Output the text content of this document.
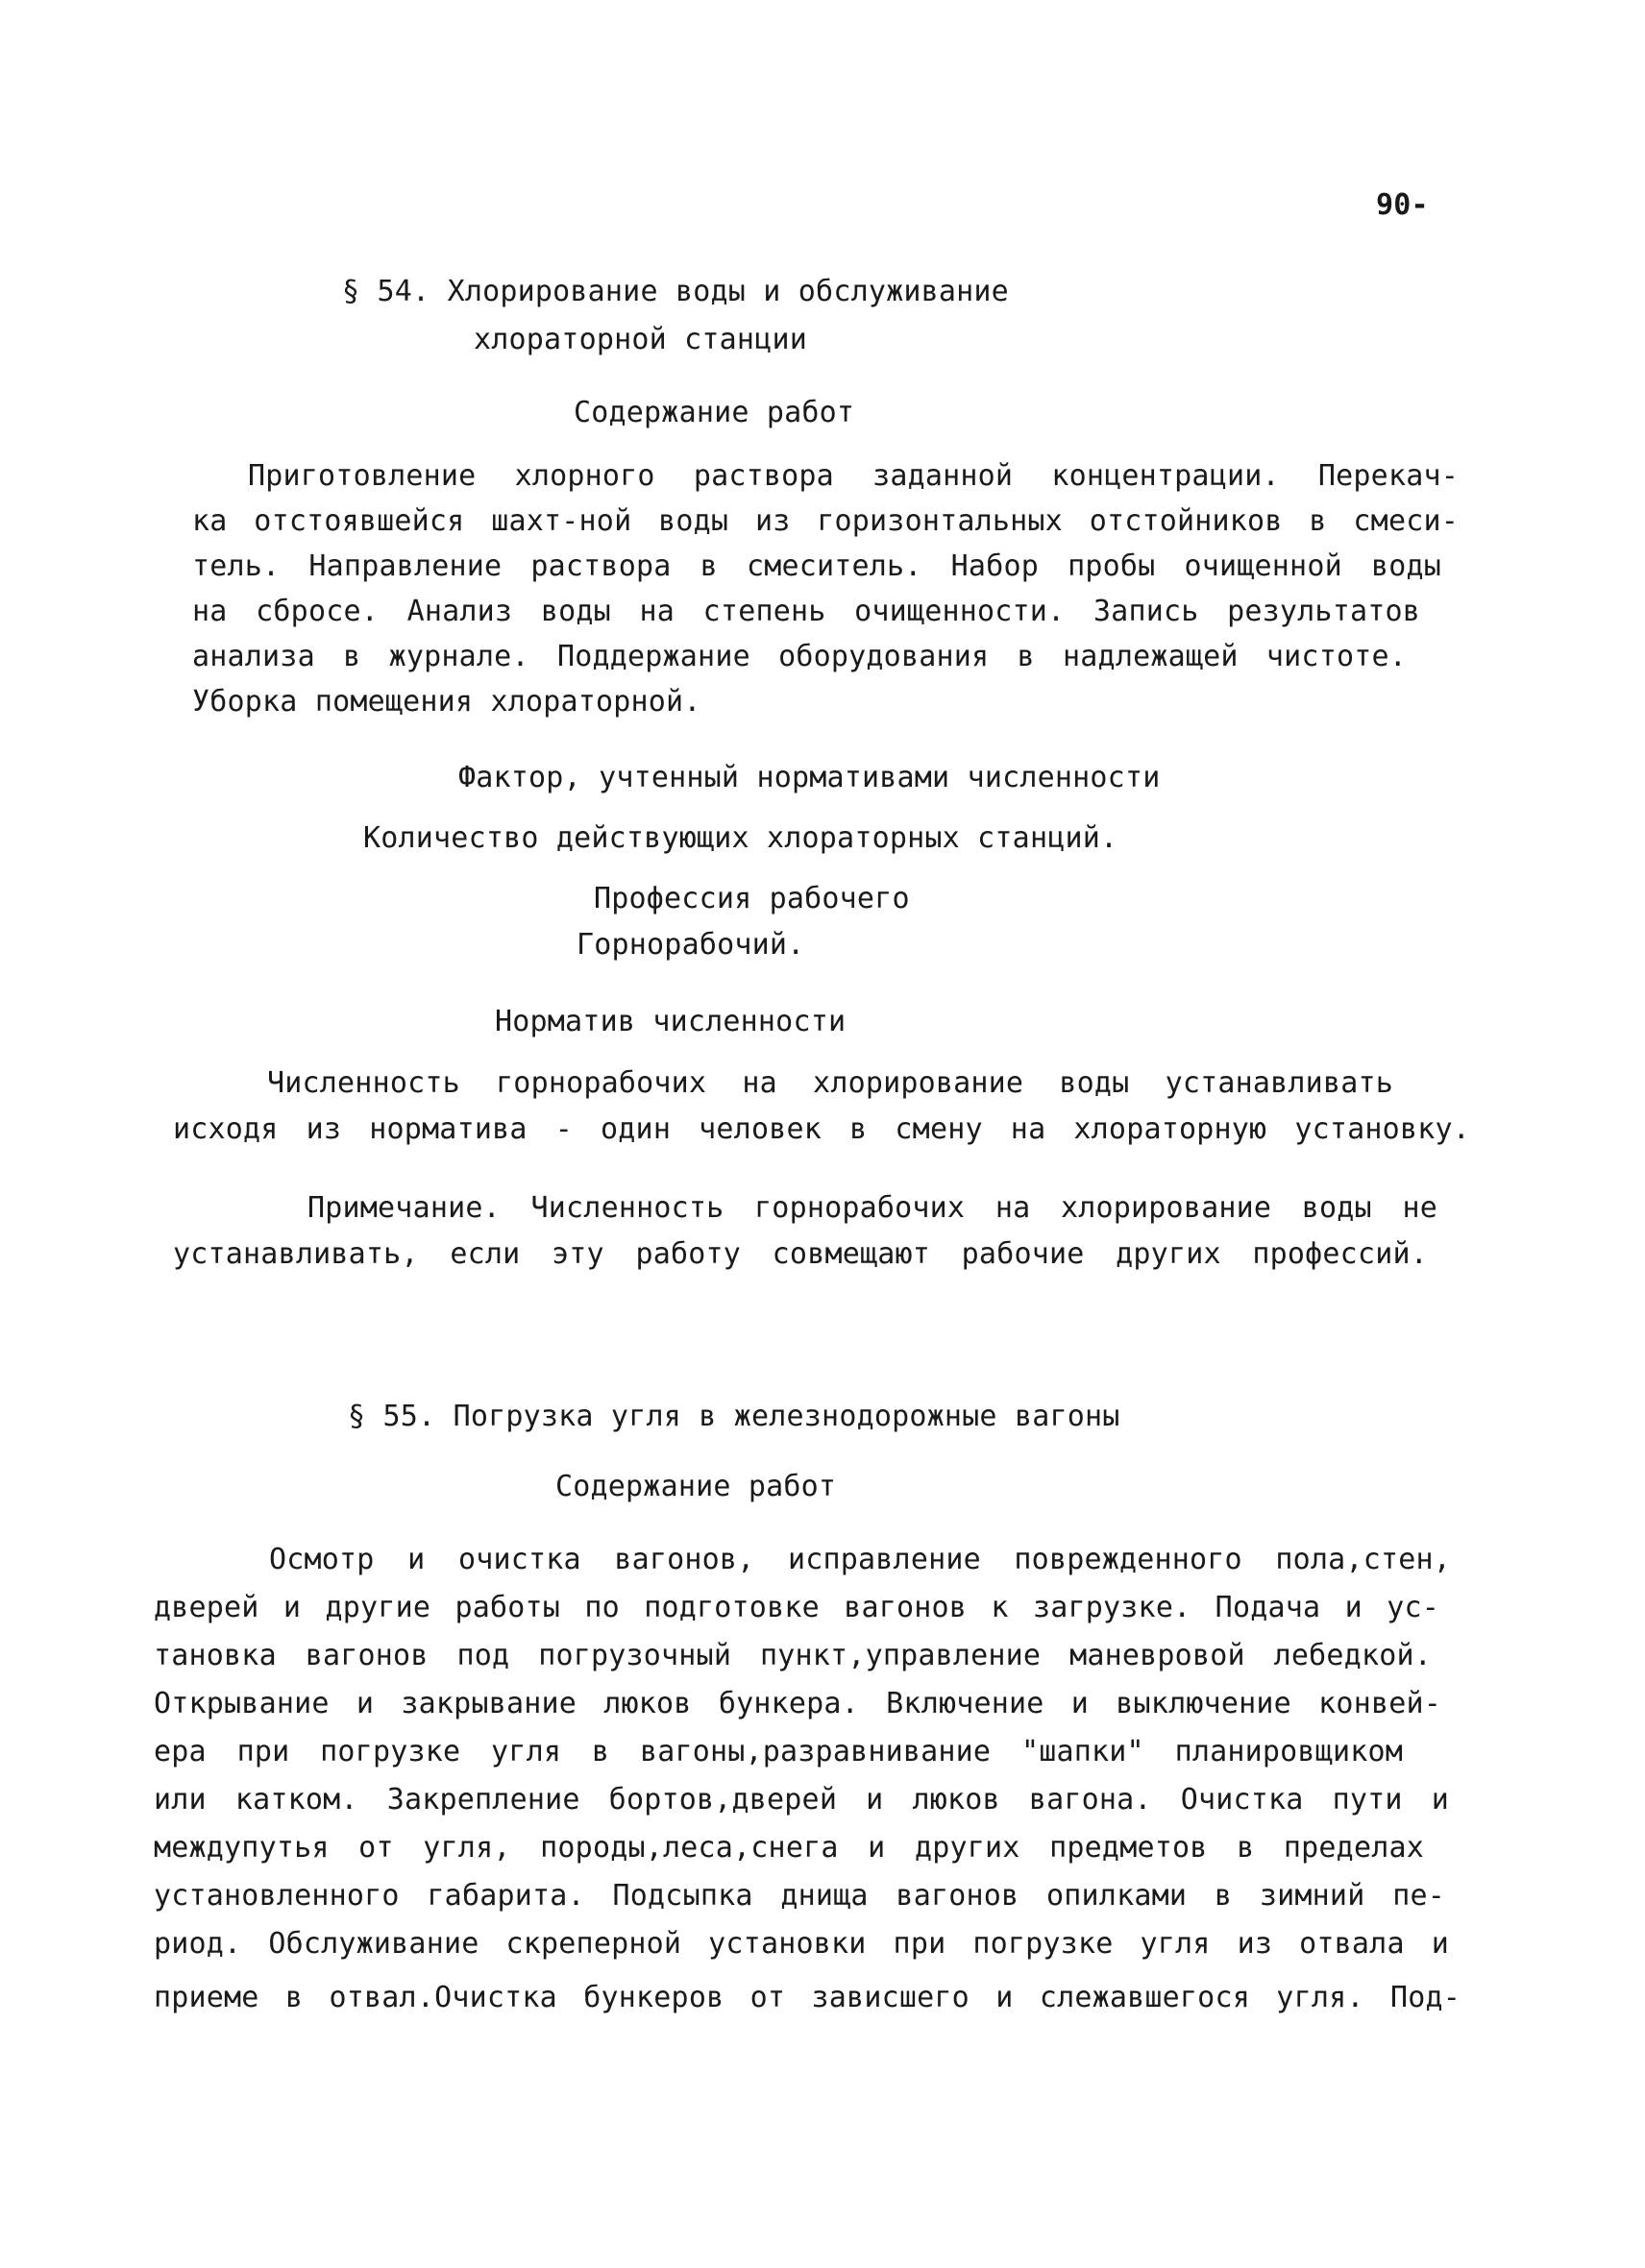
90-
§ 54. Хлорирование воды и обслуживание
хлораторной станции
Содержание работ
Приготовление хлорного раствора заданной концентрации. Перекач-
ка отстоявшейся шахт-ной воды из горизонтальных отстойников в смеси-
тель. Направление раствора в смеситель. Набор пробы очищенной воды
на сбросе. Анализ воды на степень очищенности. Запись результатов
анализа в журнале. Поддержание оборудования в надлежащей чистоте.
Уборка помещения хлораторной.
Фактор, учтенный нормативами численности
Количество действующих хлораторных станций.
Профессия рабочего
Горнорабочий.
Норматив численности
Численность горнорабочих на хлорирование воды устанавливать
исходя из норматива - один человек в смену на хлораторную установку.
Примечание. Численность горнорабочих на хлорирование воды не
устанавливать, если эту работу совмещают рабочие других профессий.
§ 55. Погрузка угля в железнодорожные вагоны
Содержание работ
Осмотр и очистка вагонов, исправление поврежденного пола,стен,
дверей и другие работы по подготовке вагонов к загрузке. Подача и ус-
тановка вагонов под погрузочный пункт,управление маневровой лебедкой.
Открывание и закрывание люков бункера. Включение и выключение конвей-
ера при погрузке угля в вагоны,разравнивание "шапки" планировщиком
или катком. Закрепление бортов,дверей и люков вагона. Очистка пути и
междупутья от угля, породы,леса,снега и других предметов в пределах
установленного габарита. Подсыпка днища вагонов опилками в зимний пе-
риод. Обслуживание скреперной установки при погрузке угля из отвала и
приеме в отвал.Очистка бункеров от зависшего и слежавшегося угля. Под-
